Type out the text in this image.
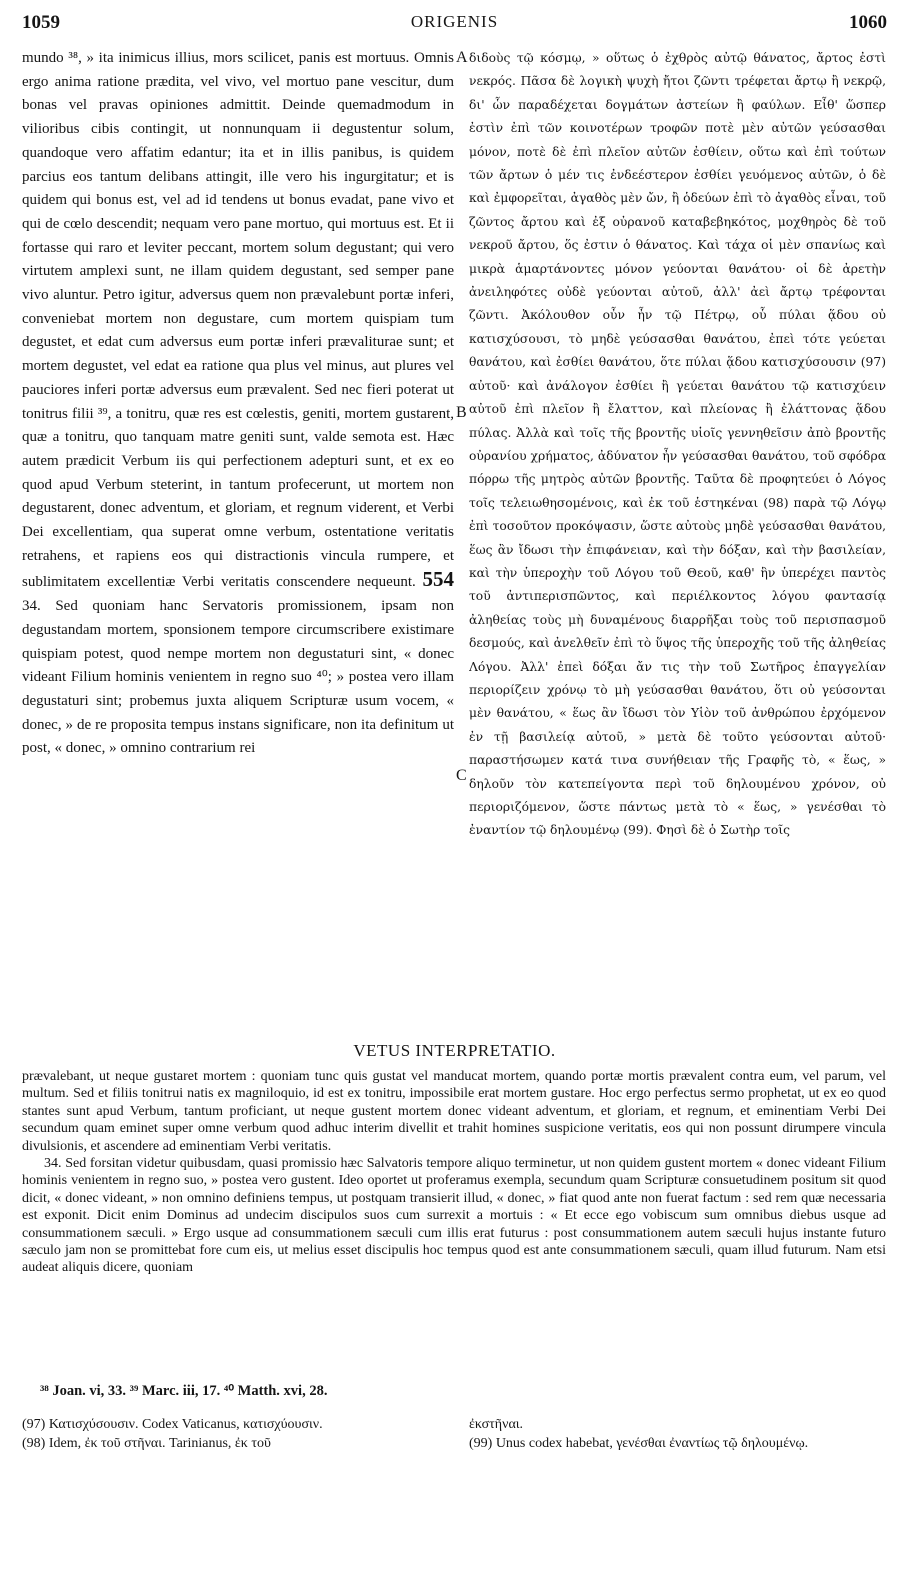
1059	ORIGENIS	1060
mundo ³⁸, » ita inimicus illius, mors scilicet, panis est mortuus. Omnis ergo anima ratione prædita, vel vivo, vel mortuo pane vescitur, dum bonas vel pravas opiniones admittit. Deinde quemadmodum in vilioribus cibis contingit, ut nonnunquam ii degustentur solum, quandoque vero affatim edantur; ita et in illis panibus, is quidem parcius eos tantum delibans attingit, ille vero his ingurgitatur; et is quidem qui bonus est, vel ad id tendens ut bonus evadat, pane vivo et qui de cœlo descendit; nequam vero pane mortuo, qui mortuus est. Et ii fortasse qui raro et leviter peccant, mortem solum degustant; qui vero virtutem amplexi sunt, ne illam quidem degustant, sed semper pane vivo aluntur. Petro igitur, adversus quem non prævalebunt portæ inferi, conveniebat mortem non degustare, cum mortem quispiam tum degustet, et edat cum adversus eum portæ inferi prævaliturae sunt; et mortem degustet, vel edat ea ratione qua plus vel minus, aut plures vel pauciores inferi portæ adversus eum prævalent. Sed nec fieri poterat ut tonitrus filii ³⁹, a tonitru, quæ res est cœlestis, geniti, mortem gustarent, quæ a tonitru, quo tanquam matre geniti sunt, valde semota est. Hæc autem prædicit Verbum iis qui perfectionem adepturi sunt, et ex eo quod apud Verbum steterint, in tantum profecerunt, ut mortem non degustarent, donec adventum, et gloriam, et regnum viderent, et Verbi Dei excellentiam, qua superat omne verbum, ostentatione veritatis retrahens, et rapiens eos qui distractionis vincula rumpere, et sublimitatem excellentiæ Verbi veritatis conscendere nequeunt. 554 34. Sed quoniam hanc Servatoris promissionem, ipsam non degustandam mortem, sponsionem tempore circumscribere existimare quispiam potest, quod nempe mortem non degustaturi sint, « donec videant Filium hominis venientem in regno suo ⁴⁰; » postea vero illam degustaturi sint; probemus juxta aliquem Scripturæ usum vocem, « donec, » de re proposita tempus instans significare, non ita definitum ut post, « donec, » omnino contrarium rei
A
B
C
διδοὺς τῷ κόσμῳ, » οὕτως ὁ ἐχθρὸς αὐτῷ θάνατος, ἄρτος ἐστὶ νεκρός. Πᾶσα δὲ λογικὴ ψυχὴ ἤτοι ζῶντι τρέφεται ἄρτῳ ἢ νεκρῷ, δι' ὧν παραδέχεται δογμάτων ἀστείων ἢ φαύλων. Εἶθ' ὥσπερ ἐστὶν ἐπὶ τῶν κοινοτέρων τροφῶν ποτὲ μὲν αὐτῶν γεύσασθαι μόνον, ποτὲ δὲ ἐπὶ πλεῖον αὐτῶν ἐσθίειν, οὕτω καὶ ἐπὶ τούτων τῶν ἄρτων ὁ μέν τις ἐνδεέστερον ἐσθίει γευόμενος αὐτῶν, ὁ δὲ καὶ ἐμφορεῖται, ἀγαθὸς μὲν ὤν, ἢ ὁδεύων ἐπὶ τὸ ἀγαθὸς εἶναι, τοῦ ζῶντος ἄρτου καὶ ἐξ οὐρανοῦ καταβεβηκότος, μοχθηρὸς δὲ τοῦ νεκροῦ ἄρτου, ὅς ἐστιν ὁ θάνατος. Καὶ τάχα οἱ μὲν σπανίως καὶ μικρὰ ἁμαρτάνοντες μόνον γεύονται θανάτου· οἱ δὲ ἀρετὴν ἀνειληφότες οὐδὲ γεύονται αὐτοῦ, ἀλλ' ἀεὶ ἄρτῳ τρέφονται ζῶντι. Ἀκόλουθον οὖν ἦν τῷ Πέτρῳ, οὗ πύλαι ᾅδου οὐ κατισχύσουσι, τὸ μηδὲ γεύσασθαι θανάτου, ἐπεὶ τότε γεύεται θανάτου, καὶ ἐσθίει θανάτου, ὅτε πύλαι ᾅδου κατισχύσουσιν (97) αὐτοῦ· καὶ ἀνάλογον ἐσθίει ἢ γεύεται θανάτου τῷ κατισχύειν αὐτοῦ ἐπὶ πλεῖον ἢ ἔλαττον, καὶ πλείονας ἢ ἐλάττονας ᾅδου πύλας. Ἀλλὰ καὶ τοῖς τῆς βροντῆς υἱοῖς γεννηθεῖσιν ἀπὸ βροντῆς οὐρανίου χρήματος, ἀδύνατον ἦν γεύσασθαι θανάτου, τοῦ σφόδρα πόρρω τῆς μητρὸς αὐτῶν βροντῆς. Ταῦτα δὲ προφητεύει ὁ Λόγος τοῖς τελειωθησομένοις, καὶ ἐκ τοῦ ἑστηκέναι (98) παρὰ τῷ Λόγῳ ἐπὶ τοσοῦτον προκόψασιν, ὥστε αὐτοὺς μηδὲ γεύσασθαι θανάτου, ἕως ἂν ἴδωσι τὴν ἐπιφάνειαν, καὶ τὴν δόξαν, καὶ τὴν βασιλείαν, καὶ τὴν ὑπεροχὴν τοῦ Λόγου τοῦ Θεοῦ, καθ' ἣν ὑπερέχει παντὸς τοῦ ἀντιπερισπῶντος, καὶ περιέλκοντος λόγου φαντασίᾳ ἀληθείας τοὺς μὴ δυναμένους διαρρῆξαι τοὺς τοῦ περισπασμοῦ δεσμούς, καὶ ἀνελθεῖν ἐπὶ τὸ ὕψος τῆς ὑπεροχῆς τοῦ τῆς ἀληθείας Λόγου. Ἀλλ' ἐπεὶ δόξαι ἄν τις τὴν τοῦ Σωτῆρος ἐπαγγελίαν περιορίζειν χρόνῳ τὸ μὴ γεύσασθαι θανάτου, ὅτι οὐ γεύσονται μὲν θανάτου, « ἕως ἂν ἴδωσι τὸν Υἱὸν τοῦ ἀνθρώπου ἐρχόμενον ἐν τῇ βασιλείᾳ αὐτοῦ, » μετὰ δὲ τοῦτο γεύσονται αὐτοῦ· παραστήσωμεν κατά τινα συνήθειαν τῆς Γραφῆς τὸ, « ἕως, » δηλοῦν τὸν κατεπείγοντα περὶ τοῦ δηλουμένου χρόνον, οὐ περιοριζόμενον, ὥστε πάντως μετὰ τὸ « ἕως, » γενέσθαι τὸ ἐναντίον τῷ δηλουμένῳ (99). Φησὶ δὲ ὁ Σωτὴρ τοῖς
VETUS INTERPRETATIO.

prævalebant, ut neque gustaret mortem : quoniam tunc quis gustat vel manducat mortem, quando portæ mortis prævalent contra eum, vel parum, vel multum. Sed et filiis tonitrui natis ex magniloquio, id est ex tonitru, impossibile erat mortem gustare. Hoc ergo perfectus sermo prophetat, ut ex eo quod stantes sunt apud Verbum, tantum proficiant, ut neque gustent mortem donec videant adventum, et gloriam, et regnum, et eminentiam Verbi Dei secundum quam eminet super omne verbum quod adhuc interim divellit et trahit homines suspicione veritatis, eos qui non possunt dirumpere vincula divulsionis, et ascendere ad eminentiam Verbi veritatis.

34. Sed forsitan videtur quibusdam, quasi promissio hæc Salvatoris tempore aliquo terminetur, ut non quidem gustent mortem « donec videant Filium hominis venientem in regno suo, » postea vero gustent. Ideo oportet ut proferamus exempla, secundum quam Scripturæ consuetudinem positum sit quod dicit, « donec videant, » non omnino definiens tempus, ut postquam transierit illud, « donec, » fiat quod ante non fuerat factum : sed rem quæ necessaria est exponit. Dicit enim Dominus ad undecim discipulos suos cum surrexit a mortuis : « Et ecce ego vobiscum sum omnibus diebus usque ad consummationem sæculi. » Ergo usque ad consummationem sæculi cum illis erat futurus : post consummationem autem sæculi hujus instante futuro sæculo jam non se promittebat fore cum eis, ut melius esset discipulis hoc tempus quod est ante consummationem sæculi, quam illud futurum. Nam etsi audeat aliquis dicere, quoniam

³⁸ Joan. vi, 33. ³⁹ Marc. iii, 17. ⁴⁰ Matth. xvi, 28.

(97) Κατισχύσουσιν. Codex Vaticanus, κατισχύουσιν.

(98) Idem, ἐκ τοῦ στῆναι. Tarinianus, ἐκ τοῦ

ἐκστῆναι.

(99) Unus codex habebat, γενέσθαι ἐναντίως τῷ δηλουμένῳ.
